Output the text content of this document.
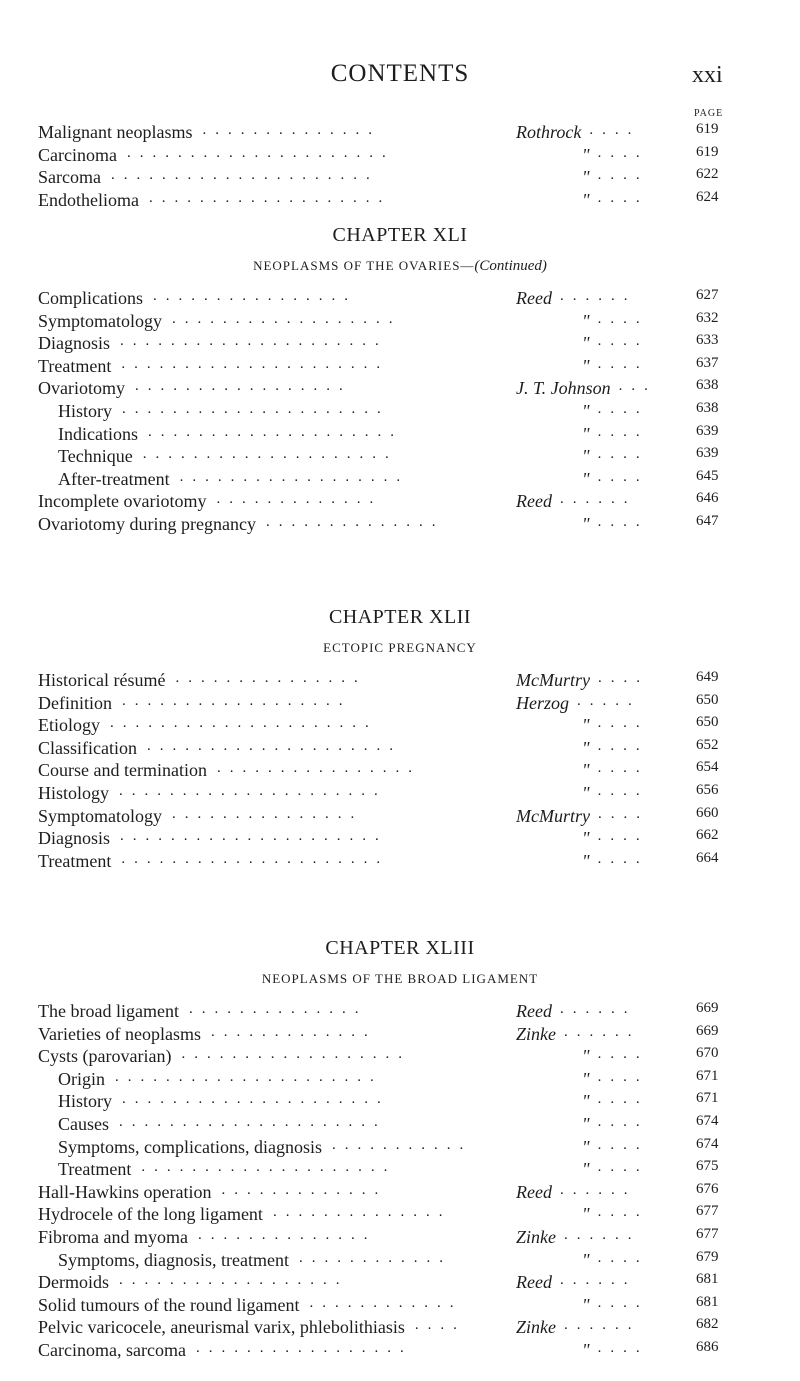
CONTENTS	xxi
PAGE
Malignant neoplasms	Rothrock	619
..............	....
Carcinoma	"	619
.....................	....
Sarcoma	"	622
.....................	....
Endothelioma	"	624
...................	....
CHAPTER XLI
NEOPLASMS OF THE OVARIES—(Continued)
Complications	Reed	627
................	......
Symptomatology	"	632
..................	....
Diagnosis	"	633
.....................	....
Treatment	"	637
.....................	....
Ovariotomy	J. T. Johnson	638
.................	...
History	"	638
.....................	....
Indications	"	639
....................	....
Technique	"	639
....................	....
After-treatment	"	645
..................	....
Incomplete ovariotomy	Reed	646
.............	......
Ovariotomy during pregnancy	"	647
..............	....
CHAPTER XLII
ECTOPIC PREGNANCY
Historical résumé	McMurtry	649
...............	....
Definition	Herzog	650
..................	.....
Etiology	"	650
.....................	....
Classification	"	652
....................	....
Course and termination	"	654
................	....
Histology	"	656
.....................	....
Symptomatology	McMurtry	660
...............	....
Diagnosis	"	662
.....................	....
Treatment	"	664
.....................	....
CHAPTER XLIII
NEOPLASMS OF THE BROAD LIGAMENT
The broad ligament	Reed	669
..............	......
Varieties of neoplasms	Zinke	669
.............	......
Cysts (parovarian)	"	670
..................	....
Origin	"	671
.....................	....
History	"	671
.....................	....
Causes	"	674
.....................	....
Symptoms, complications, diagnosis	"	674
...........	....
Treatment	"	675
....................	....
Hall-Hawkins operation	Reed	676
.............	......
Hydrocele of the long ligament	"	677
..............	....
Fibroma and myoma	Zinke	677
..............	......
Symptoms, diagnosis, treatment	"	679
............	....
Dermoids	Reed	681
..................	......
Solid tumours of the round ligament	"	681
............	....
Pelvic varicocele, aneurismal varix, phlebolithiasis	Zinke	682
....	......
Carcinoma, sarcoma	"	686
.................	....
